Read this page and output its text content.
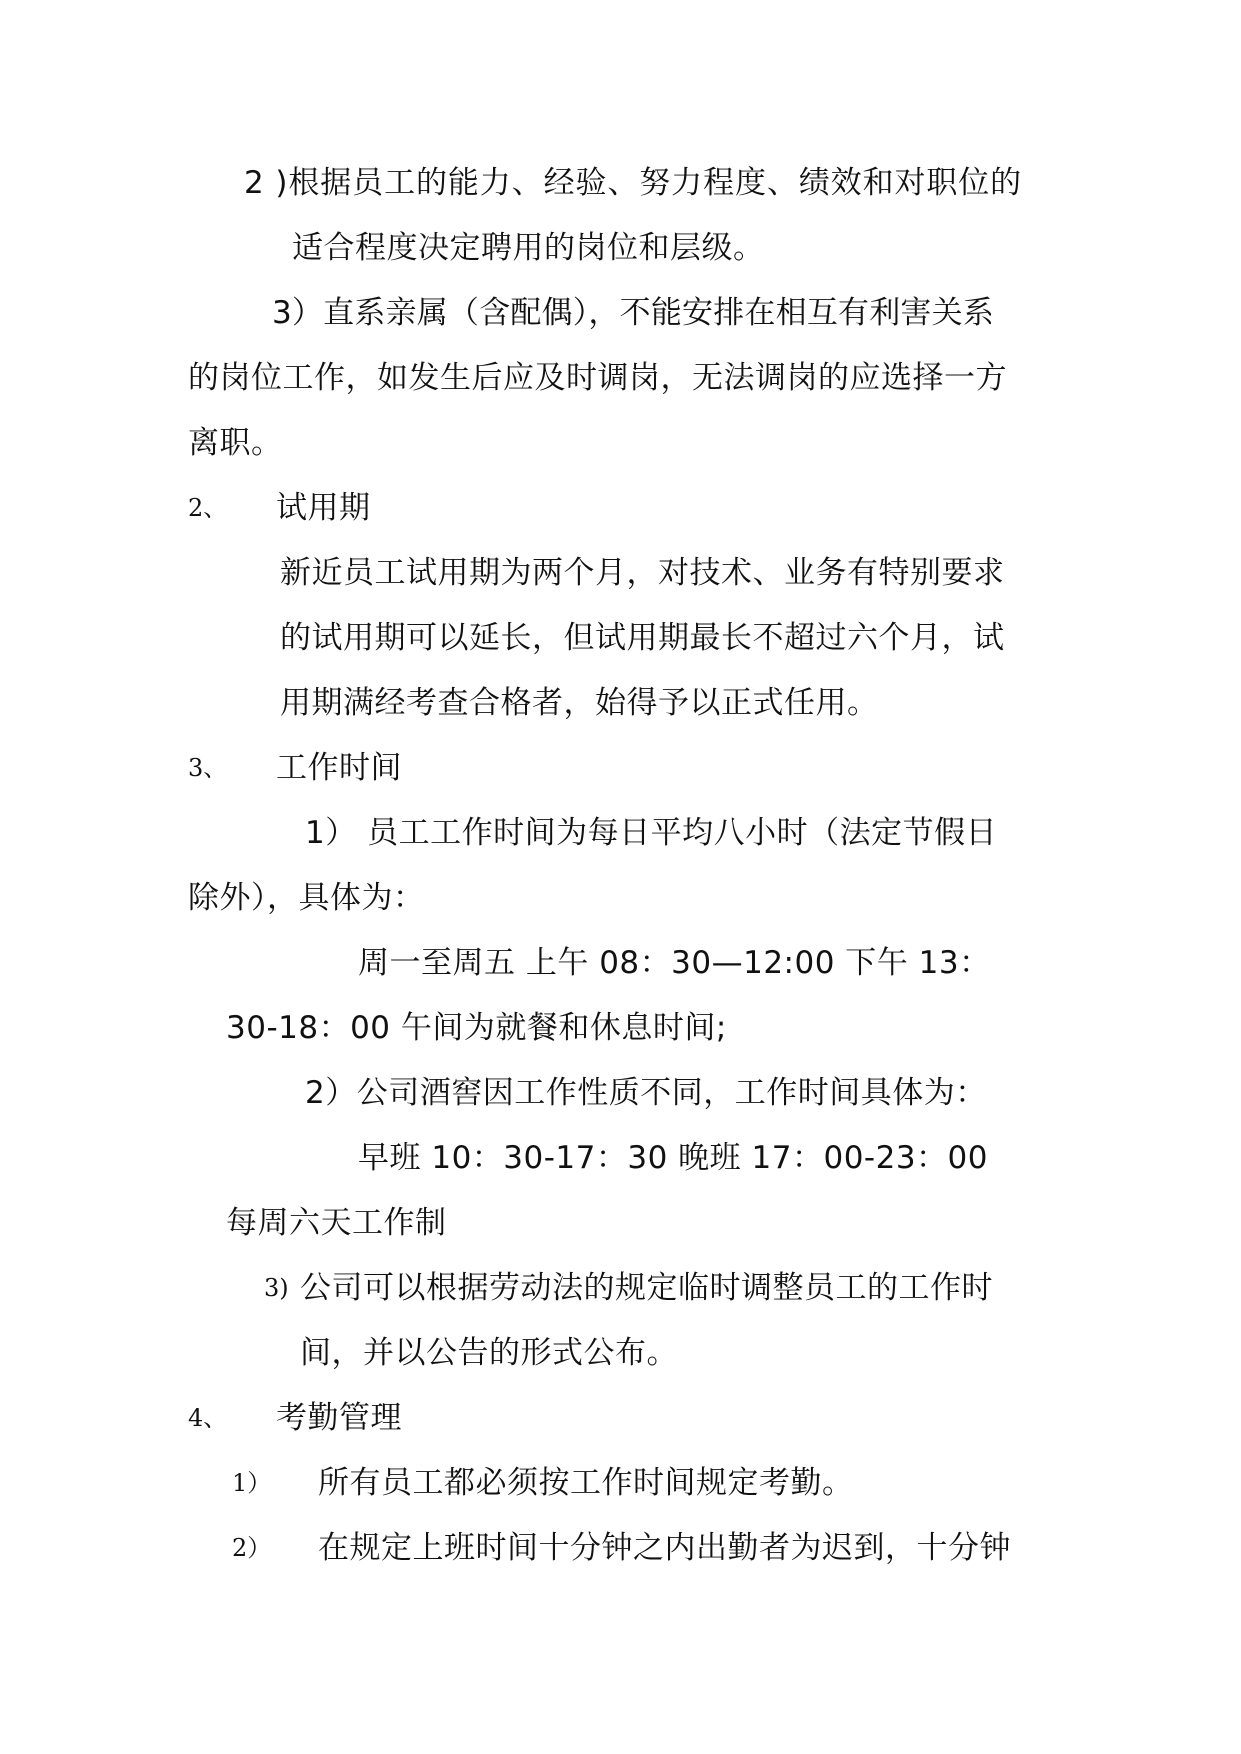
2 )根据员工的能力、经验、努力程度、绩效和对职位的
适合程度决定聘用的岗位和层级。
3）直系亲属（含配偶），不能安排在相互有利害关系
的岗位工作，如发生后应及时调岗，无法调岗的应选择一方
离职。
2、 试用期
新近员工试用期为两个月，对技术、业务有特别要求
的试用期可以延长，但试用期最长不超过六个月，试
用期满经考查合格者，始得予以正式任用。
3、 工作时间
1） 员工工作时间为每日平均八小时（法定节假日
除外），具体为：
周一至周五 上午 08：30—12:00 下午 13：
30-18：00 午间为就餐和休息时间;
2）公司酒窖因工作性质不同，工作时间具体为：
早班 10：30-17：30 晚班 17：00-23：00
每周六天工作制
3) 公司可以根据劳动法的规定临时调整员工的工作时
间，并以公告的形式公布。
4、 考勤管理
1） 所有员工都必须按工作时间规定考勤。
2） 在规定上班时间十分钟之内出勤者为迟到，十分钟
